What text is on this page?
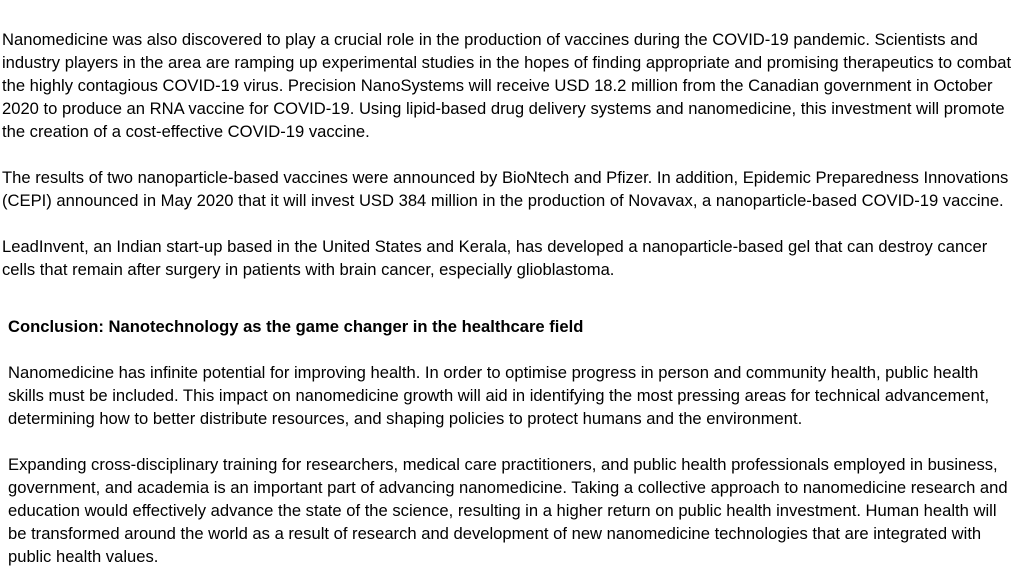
Nanomedicine was also discovered to play a crucial role in the production of vaccines during the COVID-19 pandemic. Scientists and industry players in the area are ramping up experimental studies in the hopes of finding appropriate and promising therapeutics to combat the highly contagious COVID-19 virus. Precision NanoSystems will receive USD 18.2 million from the Canadian government in October 2020 to produce an RNA vaccine for COVID-19. Using lipid-based drug delivery systems and nanomedicine, this investment will promote the creation of a cost-effective COVID-19 vaccine.

The results of two nanoparticle-based vaccines were announced by BioNtech and Pfizer. In addition, Epidemic Preparedness Innovations (CEPI) announced in May 2020 that it will invest USD 384 million in the production of Novavax, a nanoparticle-based COVID-19 vaccine.

LeadInvent, an Indian start-up based in the United States and Kerala, has developed a nanoparticle-based gel that can destroy cancer cells that remain after surgery in patients with brain cancer, especially glioblastoma.

Conclusion: Nanotechnology as the game changer in the healthcare field

Nanomedicine has infinite potential for improving health. In order to optimise progress in person and community health, public health skills must be included. This impact on nanomedicine growth will aid in identifying the most pressing areas for technical advancement, determining how to better distribute resources, and shaping policies to protect humans and the environment.

Expanding cross-disciplinary training for researchers, medical care practitioners, and public health professionals employed in business, government, and academia is an important part of advancing nanomedicine. Taking a collective approach to nanomedicine research and education would effectively advance the state of the science, resulting in a higher return on public health investment. Human health will be transformed around the world as a result of research and development of new nanomedicine technologies that are integrated with public health values.
